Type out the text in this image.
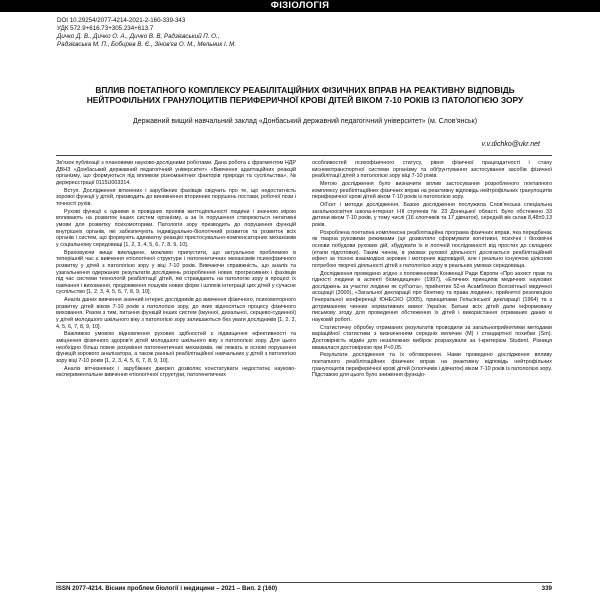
ФІЗІОЛОГІЯ
DOI 10.29254/2077-4214-2021-2-160-339-343
УДК 572.9+616.73+305.234+613.7
Дичко Д. В., Дичко О. А., Дичко В. В, Радзієвський П. О.,
Радзієвська М. П., Бобирев В. Є., Зінов'єв О. М., Мельник І. М.
ВПЛИВ ПОЕТАПНОГО КОМПЛЕКСУ РЕАБІЛІТАЦІЙНИХ ФІЗИЧНИХ ВПРАВ НА РЕАКТИВНУ ВІДПОВІДЬ НЕЙТРОФІЛЬНИХ ГРАНУЛОЦИТІВ ПЕРИФЕРИЧНОЇ КРОВІ ДІТЕЙ ВІКОМ 7-10 РОКІВ ІЗ ПАТОЛОГІЄЮ ЗОРУ
Державний вищий навчальний заклад «Донбаський державний педагогічний університет» (м. Слов'янськ)
v.v.dichko@ukr.net

Зв'язок публікації з плановими науково-дослідними роботами. Дана робота є фрагментом НДР ДВНЗ «Донбаський державний педагогічний університет» «Вивчення адаптаційних реакцій організму, що формуються під впливом різноманітних факторів природи та суспільства», № держреєстрації 0115U003314.

Вступ. Дослідження віткнених і зарубіжних фахівців свідчать про те, що недостатність зорової функції у дітей, призводить до виникнення вторинних порушень постави, робочої пози і точності рухів.

Рухові функції є одними в провідних проявів життєдіяльності людини і значною мірою впливають на розвиток інших систем організму, а за їх порушення створюються негативні умови для розвитку психомоторики. Патологія зору призводить до порушення функцій внутрішніх органів, які забезпечують індивідуально-біологічний розвиток та розвиток всіх органів і систем, що формують адекватну реакцію пристосувально-компенсаторних механізмів у соціальному середовищі [1, 2, 3, 4, 5, 6, 7, 8, 9, 10].

Враховуючи вище викладене, можливо припустити, що актуальною проблемою в теперішній час є вивчення етіологічної структури і патогенетичних механізмів психофізичного розвитку у дітей з патологією зору у віці 7-10 років. Вивчаючи справжність, що аналіз та узагальнення одержаних результатів досліджень розроблення нових прогресивних і фахівців під час системи технологій реабілітації дітей, які страждають на патологію зору в процесі їх навчання і виховання, продовження пошуків нових форм і шляхів інтеграції цих дітей у сучасне суспільство [1, 2, 3, 4, 5, 6, 7, 8, 9, 10].

Аналіз даних вивчення значний інтерес дослідників до вивчення фізичного, психомоторного розвитку дітей віком 7-10 років з патологією зору, до яких відносяться процесу фізичного виховання. Разом з тим, питання функцій інших систем (імунної, дихальної, серцево-судинної) у дітей молодшого шкільного віку з патологією зору залишаються без уваги дослідників [1, 2, 3, 4, 5, 6, 7, 8, 9, 10].

Важливою умовою відновлення рухових здібностей є підвищення ефективності та зміцнення фізичного здоров'я дітей молодшого шкільного віку з патологією зору. Для цього необхідно більш повне розуміння патогенетичних механізмів, які лежать в основі порушення функцій зорового аналізатора, а також ранньої реабілітаційної навчальних у дітей з патологією зору віці 7-10 років [1, 2, 3, 4, 5, 6, 7, 8, 9, 10].

Аналіз вітчизняних і зарубіжних джерел дозволяє констатувати недостатнє науково-експериментальне вивчення етіологічної структури, патогенетичних

особливостей психофізичного статусу, рівня фізичної працездатності і стану кисневотранспортної системи організму та обґрунтування застосування засобів фізичної реабілітації дітей з патологією зору віці 7-10 років.

Метою дослідження було визначити вплив застосування розробленого поетапного комплексу реабілітаційних фізичних вправ на реактивну відповідь нейтрофільних гранулоцитів периферичної крові дітей віком 7-10 років із патологією зору.

Об'єкт і методи дослідження. Базою дослідження послужила Слов'янська спеціальна загальноосвітня школа-інтернат І-ІІІ ступенів № 23 Донецької області. Було обстежено 33 дитини віком 7-10 років, у тому числі (16 хлопчиків та 17 дівчаток), середній вік склав 8,48±0,13 років.

Розроблена поетапна комплексна реабілітаційна програма фізичних вправ, яка передбачає як тварна руховими режимами (це дозволяло сформувати когнітивні, психічні і біохімічні основи побудови рухових дій, збудувати їх в логічній послідовності від простих до складних (етапи підготовки). Таким чином, в умовах рухової діяльності досягається реабілітаційний ефект за тісною взаємодією зорових і моторних відповідей, але і реально існуючою цілісною потребою творчої діяльності дітей з патологією зору в реальних умовах середовища.

Дослідження проведено згідно з положеннями Конвенції Ради Європи «Про захист прав та гідності людини в аспекті біомедицини» (1997), «Етичних принципів медичних наукових досліджень за участю людини як суб'єкта», прийнятих 52-ю Асамблеєю Всесвітньої медичної асоціації (2000), «Загальної декларації про біоетику та права людини», прийнятої резолюцією Генеральної конференції ЮНЕСКО (2005), принципами Гельсінської декларації (1964) та з дотриманням чинних нормативних вимог України. Батьки всіх дітей дали інформовану письмову згоду для проведення обстеження їх дітей і використання отриманих даних в науковій роботі.

Статистичну обробку отриманих результатів проводили за загальноприйнятими методами варіаційної статистики з визначенням середніх величин (М) і стандартної похибки (Sm). Достовірність відмін для незалежних вибірок розрахували за t-критерієм Student. Різниця вважалася достовірною при Р<0,05.

Результати дослідження та їх обговорення. Нами проведено дослідження впливу поетапного реабілітаційних фізичних вправ на реактивну відповідь нейтрофільних гранулоцитів периферичної крові дітей (хлопчиків і дівчаток) віком 7-10 років із патологією зору. Підставою для цього було зниження функціо-

ISSN 2077-4214. Вісник проблем біології і медицини – 2021 – Вип. 2 (160)	339
